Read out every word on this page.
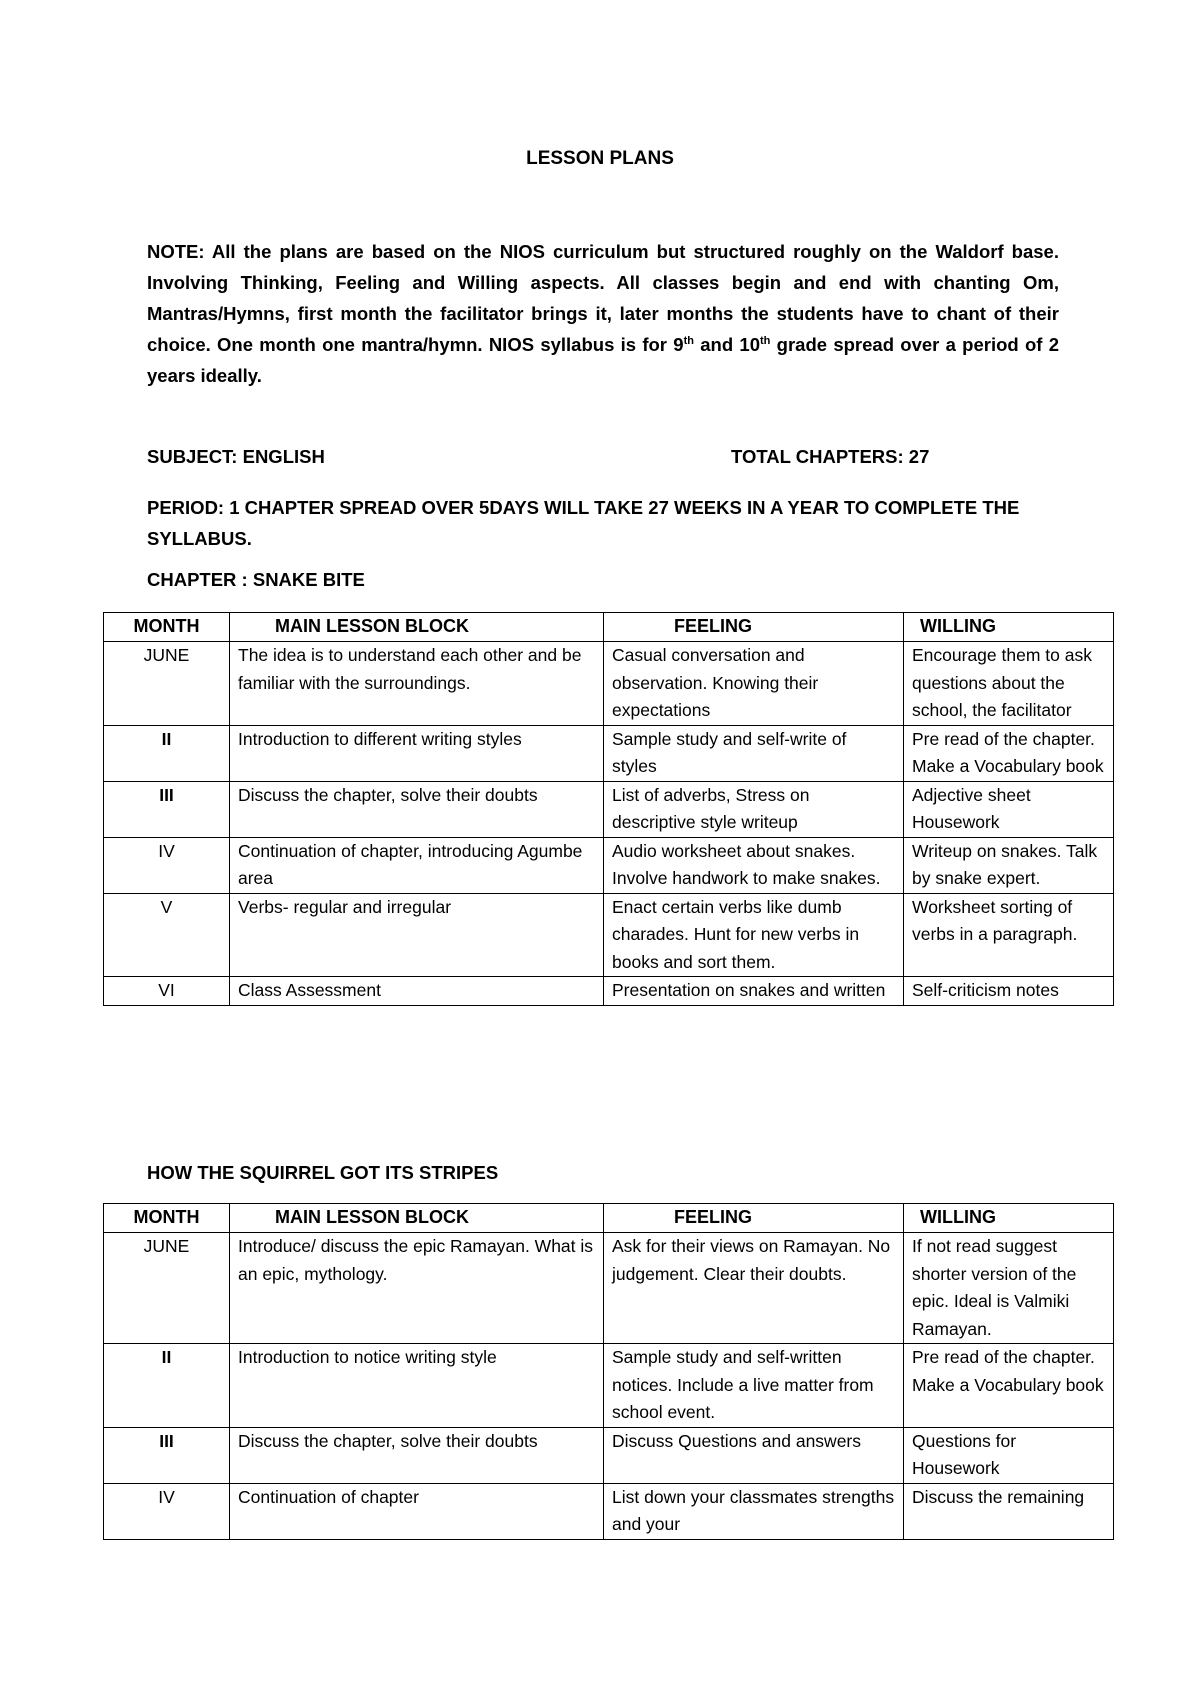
LESSON PLANS
NOTE: All the plans are based on the NIOS curriculum but structured roughly on the Waldorf base. Involving Thinking, Feeling and Willing aspects. All classes begin and end with chanting Om, Mantras/Hymns, first month the facilitator brings it, later months the students have to chant of their choice. One month one mantra/hymn. NIOS syllabus is for 9th and 10th grade spread over a period of 2 years ideally.
SUBJECT: ENGLISH	TOTAL CHAPTERS: 27
PERIOD: 1 CHAPTER SPREAD OVER 5DAYS WILL TAKE 27 WEEKS IN A YEAR TO COMPLETE THE SYLLABUS.
CHAPTER : SNAKE BITE
MONTH	MAIN LESSON BLOCK	FEELING	WILLING
JUNE	The idea is to understand each other and be familiar with the surroundings.	Casual conversation and observation. Knowing their expectations	Encourage them to ask questions about the school, the facilitator
II	Introduction to different writing styles	Sample study and self-write of styles	Pre read of the chapter. Make a Vocabulary book
III	Discuss the chapter, solve their doubts	List of adverbs, Stress on descriptive style writeup	Adjective sheet Housework
IV	Continuation of chapter, introducing Agumbe area	Audio worksheet about snakes. Involve handwork to make snakes.	Writeup on snakes. Talk by snake expert.
V	Verbs- regular and irregular	Enact certain verbs like dumb charades. Hunt for new verbs in books and sort them.	Worksheet sorting of verbs in a paragraph.
VI	Class Assessment	Presentation on snakes and written	Self-criticism notes
HOW THE SQUIRREL GOT ITS STRIPES
MONTH	MAIN LESSON BLOCK	FEELING	WILLING
JUNE	Introduce/ discuss the epic Ramayan. What is an epic, mythology.	Ask for their views on Ramayan. No judgement. Clear their doubts.	If not read suggest shorter version of the epic. Ideal is Valmiki Ramayan.
II	Introduction to notice writing style	Sample study and self-written notices. Include a live matter from school event.	Pre read of the chapter. Make a Vocabulary book
III	Discuss the chapter, solve their doubts	Discuss Questions and answers	Questions for Housework
IV	Continuation of chapter	List down your classmates strengths and your	Discuss the remaining
